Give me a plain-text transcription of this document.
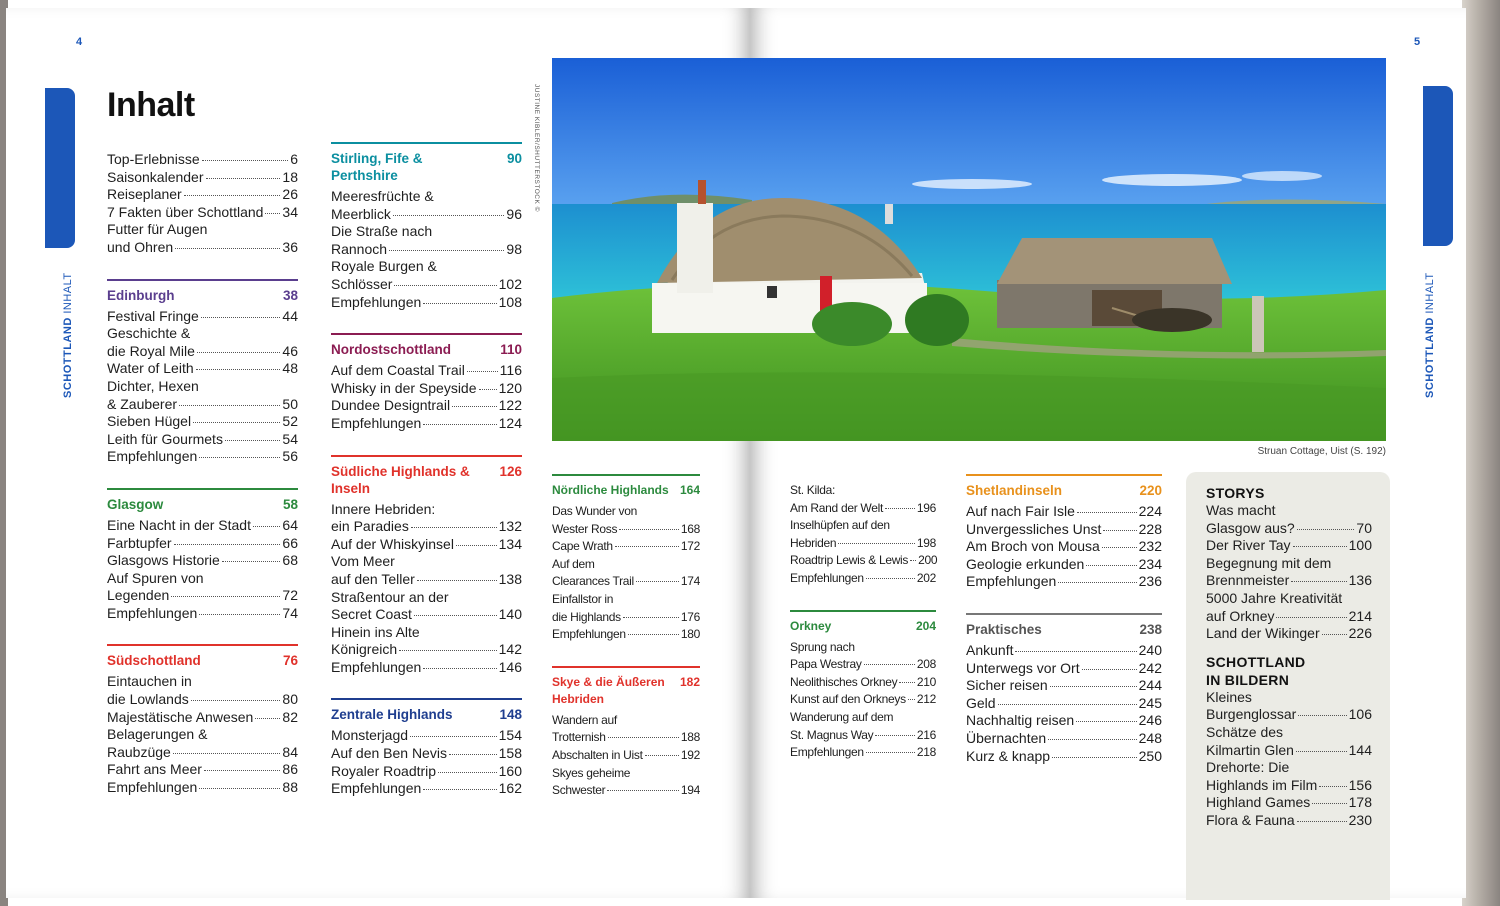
4
SCHOTTLAND INHALT
Inhalt
5
SCHOTTLAND INHALT
Struan Cottage, Uist (S. 192)
JUSTINE KIBLER/SHUTTERSTOCK ©
Top-Erlebnisse	6
Saisonkalender	18
Reiseplaner	26
7 Fakten über Schottland 34
Futter für Augen
und Ohren	36
Edinburgh	38
Festival Fringe	44
Geschichte &
die Royal Mile	46
Water of Leith	48
Dichter, Hexen
& Zauberer	50
Sieben Hügel	52
Leith für Gourmets	54
Empfehlungen	56
Glasgow	58
Eine Nacht in der Stadt 64
Farbtupfer	66
Glasgows Historie	68
Auf Spuren von
Legenden	72
Empfehlungen	74
Südschottland	76
Eintauchen in
die Lowlands	80
Majestätische Anwesen 82
Belagerungen &
Raubzüge	84
Fahrt ans Meer	86
Empfehlungen	88
Stirling, Fife & Perthshire
90
Meeresfrüchte &
Meerblick	96
Die Straße nach
Rannoch	98
Royale Burgen &
Schlösser	102
Empfehlungen	108
Nordostschottland	110
Auf dem Coastal Trail 116
Whisky in der Speyside 120
Dundee Designtrail	122
Empfehlungen	124
Südliche Highlands & Inseln
126
Innere Hebriden:
ein Paradies	132
Auf der Whiskyinsel	134
Vom Meer
auf den Teller	138
Straßentour an der
Secret Coast	140
Hinein ins Alte
Königreich	142
Empfehlungen	146
Zentrale Highlands	148
Monsterjagd	154
Auf den Ben Nevis	158
Royaler Roadtrip	160
Empfehlungen	162
Nördliche Highlands 164
Das Wunder von
Wester Ross	168
Cape Wrath	172
Auf dem
Clearances Trail	174
Einfallstor in
die Highlands	176
Empfehlungen	180
Skye & die Äußeren Hebriden
182
Wandern auf
Trotternish	188
Abschalten in Uist	192
Skyes geheime
Schwester	194
St. Kilda:
Am Rand der Welt	196
Inselhüpfen auf den
Hebriden	198
Roadtrip Lewis & Lewis 200
Empfehlungen	202
Orkney	204
Sprung nach
Papa Westray	208
Neolithisches Orkney 210
Kunst auf den Orkneys 212
Wanderung auf dem
St. Magnus Way	216
Empfehlungen	218
Shetlandinseln	220
Auf nach Fair Isle	224
Unvergessliches Unst	228
Am Broch von Mousa	232
Geologie erkunden	234
Empfehlungen	236
Praktisches	238
Ankunft	240
Unterwegs vor Ort	242
Sicher reisen	244
Geld	245
Nachhaltig reisen	246
Übernachten	248
Kurz & knapp	250
STORYS
Was macht
Glasgow aus?	70
Der River Tay	100
Begegnung mit dem
Brennmeister	136
5000 Jahre Kreativität
auf Orkney	214
Land der Wikinger 226
SCHOTTLAND
IN BILDERN
Kleines
Burgenglossar	106
Schätze des
Kilmartin Glen	144
Drehorte: Die
Highlands im Film 156
Highland Games	178
Flora & Fauna	230
